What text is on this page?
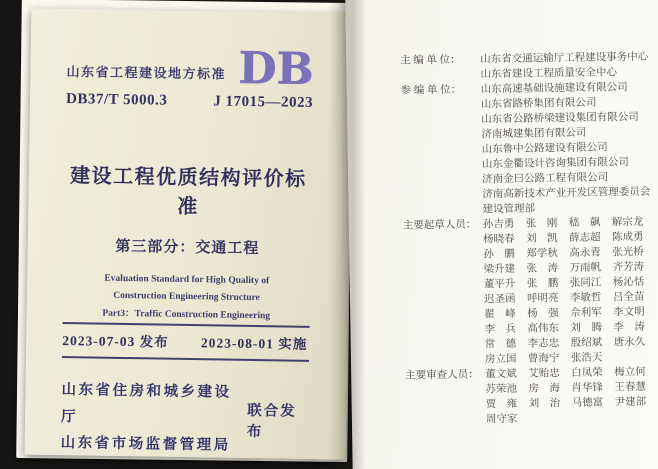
山东省工程建设地方标准 DB
DB37/T 5000.3	J 17015—2023
建设工程优质结构评价标准
第三部分：交通工程
Evaluation Standard for High Quality of
Construction Engineering Structure
Part3：Traffic Construction Engineering
2023-07-03 发布 2023-08-01 实施
山东省住房和城乡建设厅
山东省市场监督管理局
联合发布
主 编 单 位：	山东省交通运输厅工程建设事务中心
山东省建设工程质量安全中心
参 编 单 位：	山东高速基础设施建设有限公司
山东省路桥集团有限公司
山东省公路桥梁建设集团有限公司
济南城建集团有限公司
山东鲁中公路建设有限公司
山东金衢设计咨询集团有限公司
济南金曰公路工程有限公司
济南高新技术产业开发区管理委员会建设管理部
主要起草人员： 孙吉勇	张　刚	嵇　飙	解宗龙
杨晓春	刘　凯	薛志超	陈成勇
孙　鹏	郑学秋	高永青	张光桥
梁升建	张　涛	万雨帆	齐芳涛
董平升	张　鹏	张同江	杨沁恬
迟圣函	呼明亮	李敏哲	吕全苗
翟　峰	杨　强	佘利军	李文明
李　兵	高伟东	刘　腾	李　涛
常　德	李志忠	殷绍斌	唐永久
房立国	曾海宁	张浩天
主要审查人员： 董文斌	艾贻忠	白凤荣	梅立何
苏荣池	房　海	肖华锋	王春慧
贾　雍	刘　治	马德富	尹建部
周守家
